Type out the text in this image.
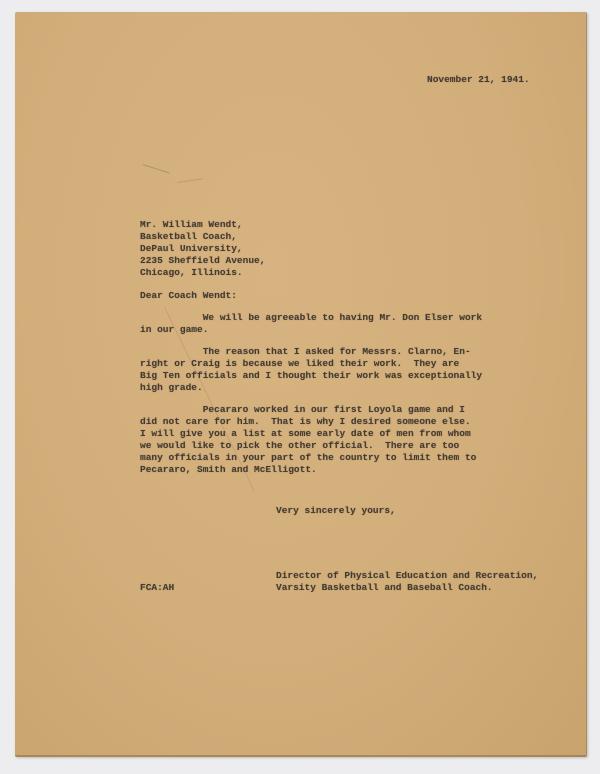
November 21, 1941.
Mr. William Wendt,
Basketball Coach,
DePaul University,
2235 Sheffield Avenue,
Chicago, Illinois.
Dear Coach Wendt:
We will be agreeable to having Mr. Don Elser work
in our game.
The reason that I asked for Messrs. Clarno, En-
right or Craig is because we liked their work.  They are
Big Ten officials and I thought their work was exceptionally
high grade.
Pecararo worked in our first Loyola game and I
did not care for him.  That is why I desired someone else.
I will give you a list at some early date of men from whom
we would like to pick the other official.  There are too
many officials in your part of the country to limit them to
Pecararo, Smith and McElligott.
Very sincerely yours,
Director of Physical Education and Recreation,
Varsity Basketball and Baseball Coach.
FCA:AH
